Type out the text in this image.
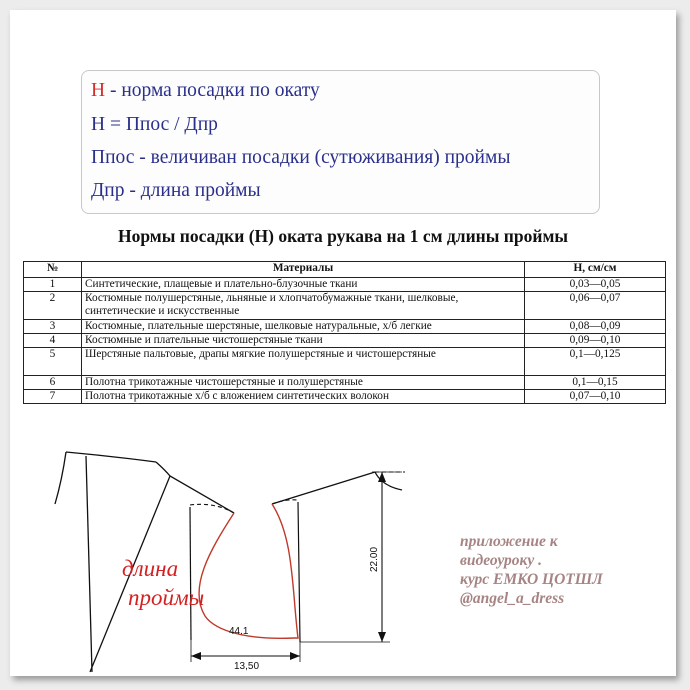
Н - норма посадки по окату
Н = Ппос / Дпр
Ппос - величиван посадки (сутюживания) проймы
Дпр - длина проймы
Нормы посадки (Н) оката рукава на 1 см длины проймы
№	Материалы	Н, см/см
1	Синтетические, плащевые и плательно-блузочные ткани	0,03—0,05
2	Костюмные полушерстяные, льняные и хлопчатобумажные ткани, шелковые, синтетические и искусственные	0,06—0,07
3	Костюмные, плательные шерстяные, шелковые натуральные, х/б легкие	0,08—0,09
4	Костюмные и плательные чистошерстяные ткани	0,09—0,10
5	Шерстяные пальтовые, драпы мягкие полушерстяные и чистошерстяные	0,1—0,125
6	Полотна трикотажные чистошерстяные и полушерстяные	0,1—0,15
7	Полотна трикотажные х/б с вложением синтетических волокон	0,07—0,10
44.1
13,50
22.00
длина
проймы
приложение к
видеоуроку .
курс ЕМКО ЦОТШЛ
@angel_a_dress
